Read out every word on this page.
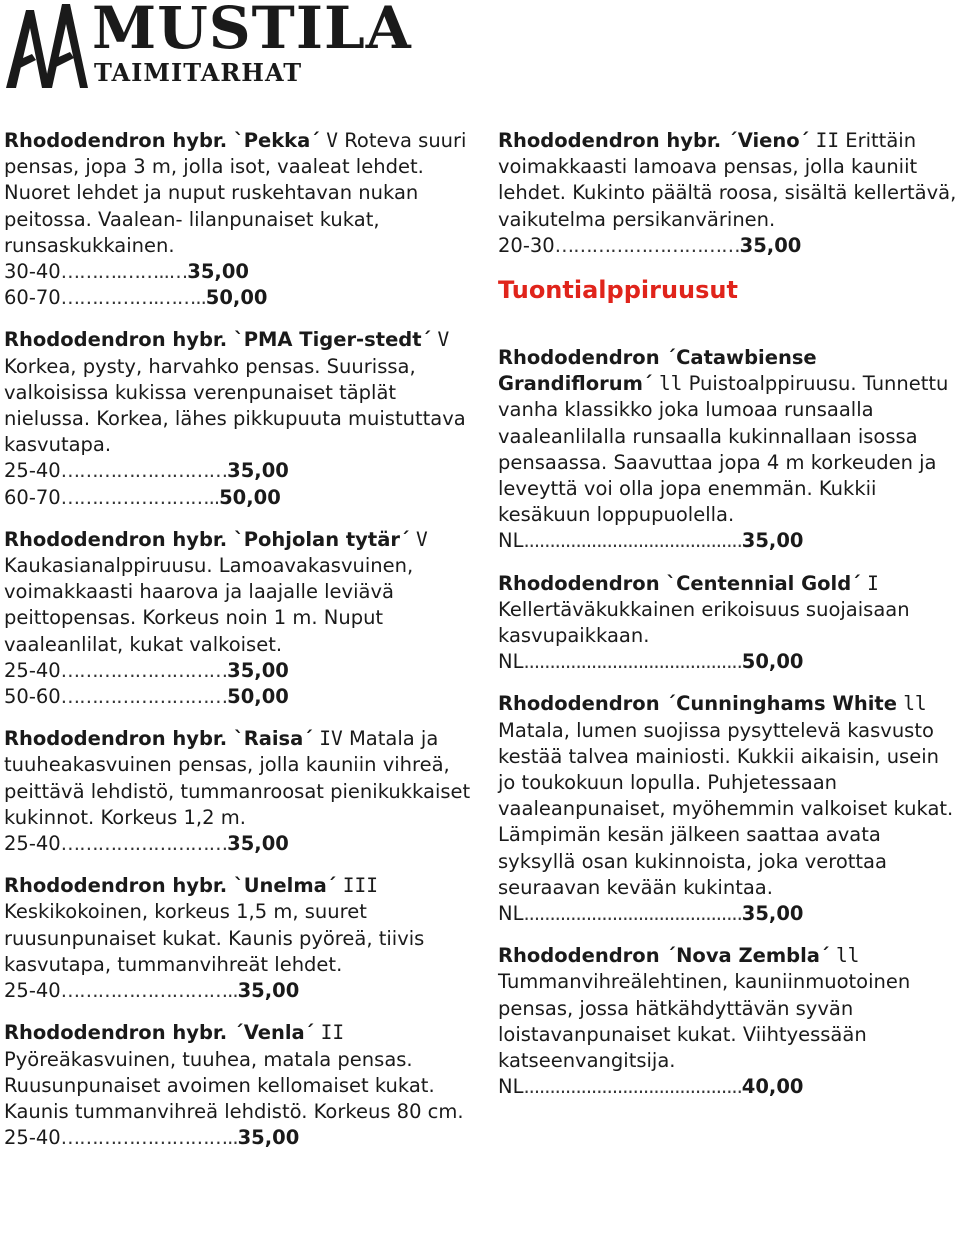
MUSTILA
TAIMITARHAT

Rhododendron hybr. `Pekka´ V Roteva suuri pensas, jopa 3 m, jolla isot, vaaleat lehdet. Nuoret lehdet ja nuput ruskehtavan nukan peitossa. Vaalean- lilanpunaiset kukat, runsaskukkainen.

30-40……….……..…35,00
60-70…………….……..50,00

Rhododendron hybr. `PMA Tiger-stedt´ V Korkea, pysty, harvahko pensas. Suurissa, valkoisissa kukissa verenpunaiset täplät nielussa. Korkea, lähes pikkupuuta muistuttava kasvutapa.

25-40………………………35,00
60-70……………………..50,00

Rhododendron hybr. `Pohjolan tytär´ V Kaukasianalppiruusu. Lamoavakasvuinen, voimakkaasti haarova ja laajalle leviävä peittopensas. Korkeus noin 1 m. Nuput vaaleanlilat, kukat valkoiset.

25-40………………………35,00
50-60………………………50,00

Rhododendron hybr. `Raisa´ IV Matala ja tuuheakasvuinen pensas, jolla kauniin vihreä, peittävä lehdistö, tummanroosat pienikukkaiset kukinnot. Korkeus 1,2 m.

25-40………………………35,00

Rhododendron hybr. `Unelma´ III Keskikokoinen, korkeus 1,5 m, suuret ruusunpunaiset kukat. Kaunis pyöreä, tiivis kasvutapa, tummanvihreät lehdet.

25-40………………………..35,00

Rhododendron hybr. ´Venla´ II Pyöreäkasvuinen, tuuhea, matala pensas. Ruusunpunaiset avoimen kellomaiset kukat. Kaunis tummanvihreä lehdistö. Korkeus 80 cm.

25-40………………………..35,00

Rhododendron hybr. ´Vieno´ II Erittäin voimakkaasti lamoava pensas, jolla kauniit lehdet. Kukinto päältä roosa, sisältä kellertävä, vaikutelma persikanvärinen.

20-30…………………………35,00
Tuontialppiruusut

Rhododendron ´Catawbiense Grandiflorum´ ll Puistoalppiruusu. Tunnettu vanha klassikko joka lumoaa runsaalla vaaleanlilalla runsaalla kukinnallaan isossa pensaassa. Saavuttaa jopa 4 m korkeuden ja leveyttä voi olla jopa enemmän. Kukkii kesäkuun loppupuolella.

NL..........................................35,00

Rhododendron `Centennial Gold´ I Kellertäväkukkainen erikoisuus suojaisaan kasvupaikkaan.

NL..........................................50,00

Rhododendron ´Cunninghams White ll Matala, lumen suojissa pysyttelevä kasvusto kestää talvea mainiosti. Kukkii aikaisin, usein jo toukokuun lopulla. Puhjetessaan vaaleanpunaiset, myöhemmin valkoiset kukat. Lämpimän kesän jälkeen saattaa avata syksyllä osan kukinnoista, joka verottaa seuraavan kevään kukintaa.

NL..........................................35,00

Rhododendron ´Nova Zembla´ ll Tummanvihreälehtinen, kauniinmuotoinen pensas, jossa hätkähdyttävän syvän loistavanpunaiset kukat. Viihtyessään katseenvangitsija.

NL..........................................40,00
